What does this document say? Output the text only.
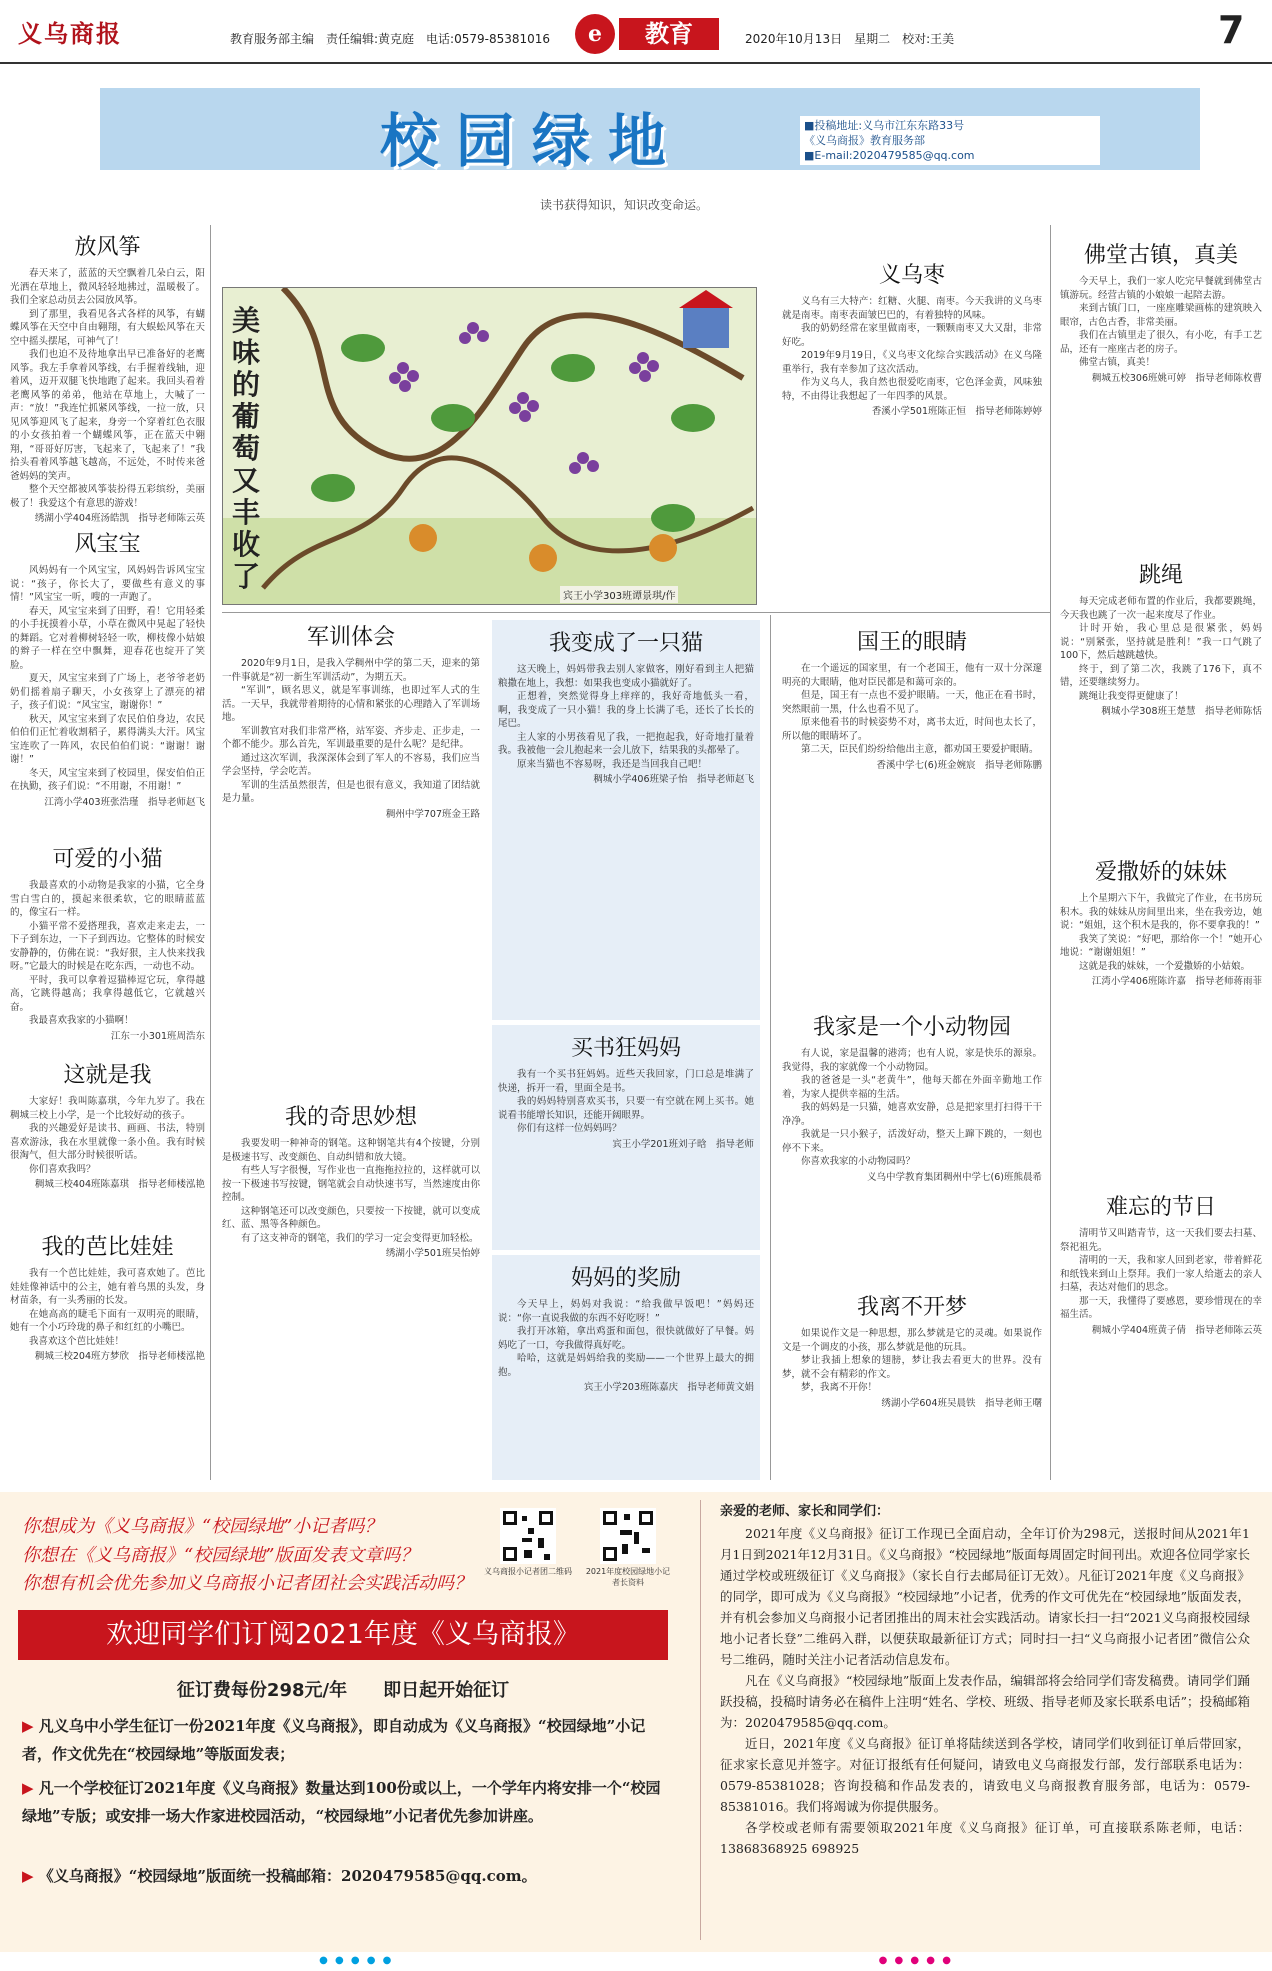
义乌商报	教育服务部主编　责任编辑:黄克庭　电话:0579-85381016	e	教育	2020年10月13日　星期二　校对:王美	7
校园绿地	■投稿地址:义乌市江东东路33号
《义乌商报》教育服务部
■E-mail:2020479585@qq.com
读书获得知识，知识改变命运。
美味的葡萄又丰收了
宾王小学303班谭景琪/作
放风筝

春天来了，蓝蓝的天空飘着几朵白云，阳光洒在草地上，微风轻轻地拂过，温暖极了。我们全家总动员去公园放风筝。

到了那里，我看见各式各样的风筝，有蝴蝶风筝在天空中自由翱翔，有大蜈蚣风筝在天空中摇头摆尾，可神气了！

我们也迫不及待地拿出早已准备好的老鹰风筝。我左手拿着风筝线，右手握着线轴，迎着风，迈开双腿飞快地跑了起来。我回头看着老鹰风筝的弟弟，他站在草地上，大喊了一声：“放！”我连忙抓紧风筝线，一拉一放，只见风筝迎风飞了起来，身旁一个穿着红色衣服的小女孩拍着一个蝴蝶风筝，正在蓝天中翱翔，“哥哥好厉害，飞起来了，飞起来了！”我拾头看着风筝越飞越高，不远处，不时传来爸爸妈妈的笑声。

整个天空都被风筝装扮得五彩缤纷，美丽极了！我爱这个有意思的游戏！

绣湖小学404班汤皓凯　指导老师陈云英
风宝宝

风妈妈有一个风宝宝，风妈妈告诉风宝宝说：“孩子，你长大了，要做些有意义的事情！”风宝宝一听，嗖的一声跑了。

春天，风宝宝来到了田野，看！它用轻柔的小手抚摸着小草，小草在微风中晃起了轻快的舞蹈。它对着柳树轻轻一吹，柳枝像小姑娘的辫子一样在空中飘舞，迎春花也绽开了笑脸。

夏天，风宝宝来到了广场上，老爷爷老奶奶们摇着扇子聊天，小女孩穿上了漂亮的裙子，孩子们说：“风宝宝，谢谢你！”

秋天，风宝宝来到了农民伯伯身边，农民伯伯们正忙着收割稻子，累得满头大汗。风宝宝连吹了一阵风，农民伯伯们说：“谢谢！谢谢！”

冬天，风宝宝来到了校园里，保安伯伯正在执勤，孩子们说：“不用谢，不用谢！”

江湾小学403班张浩瑾　指导老师赵飞
可爱的小猫

我最喜欢的小动物是我家的小猫，它全身雪白雪白的，摸起来很柔软，它的眼睛蓝蓝的，像宝石一样。

小猫平常不爱搭理我，喜欢走来走去，一下子到东边，一下子到西边。它整体的时候安安静静的，仿佛在说：“我好狠，主人快来找我呀。”它最大的时候是在吃东西，一动也不动。

平时，我可以拿着逗猫棒逗它玩，拿得越高，它跳得越高；我拿得越低它，它就越兴奋。

我最喜欢我家的小猫啊！

江东一小301班周浩东
这就是我

大家好！我叫陈嘉琪，今年九岁了。我在稠城三校上小学，是一个比较好动的孩子。

我的兴趣爱好是读书、画画、书法，特别喜欢游泳，我在水里就像一条小鱼。我有时候很淘气，但大部分时候很听话。

你们喜欢我吗？

稠城三校404班陈嘉琪　指导老师楼泓艳
我的芭比娃娃

我有一个芭比娃娃，我可喜欢她了。芭比娃娃像神话中的公主，她有着乌黑的头发，身材苗条，有一头秀丽的长发。

在她高高的睫毛下面有一双明亮的眼睛，她有一个小巧玲珑的鼻子和红红的小嘴巴。

我喜欢这个芭比娃娃！

稠城三校204班方梦欣　指导老师楼泓艳
军训体会

2020年9月1日，是我入学稠州中学的第二天，迎来的第一件事就是“初一新生军训活动”，为期五天。

“军训”，顾名思义，就是军事训练，也即过军人式的生活。一天早，我就带着期待的心情和紧张的心理踏入了军训场地。

军训教官对我们非常严格，站军姿、齐步走、正步走，一个都不能少。那么首先，军训最重要的是什么呢？是纪律。

通过这次军训，我深深体会到了军人的不容易，我们应当学会坚持，学会吃苦。

军训的生活虽然很苦，但是也很有意义，我知道了团结就是力量。

稠州中学707班金王路
我的奇思妙想

我要发明一种神奇的钢笔。这种钢笔共有4个按键，分别是极速书写、改变颜色、自动纠错和放大镜。

有些人写字很慢，写作业也一直拖拖拉拉的，这样就可以按一下极速书写按键，钢笔就会自动快速书写，当然速度由你控制。

这种钢笔还可以改变颜色，只要按一下按键，就可以变成红、蓝、黑等各种颜色。

有了这支神奇的钢笔，我们的学习一定会变得更加轻松。

绣湖小学501班吴怡婷
我变成了一只猫

这天晚上，妈妈带我去别人家做客，刚好看到主人把猫粮撒在地上，我想：如果我也变成小猫就好了。

正想着，突然觉得身上痒痒的，我好奇地低头一看，啊，我变成了一只小猫！我的身上长满了毛，还长了长长的尾巴。

主人家的小男孩看见了我，一把抱起我，好奇地打量着我。我被他一会儿抱起来一会儿放下，结果我的头都晕了。

原来当猫也不容易呀，我还是当回我自己吧！

稠城小学406班梁子怡　指导老师赵飞
买书狂妈妈

我有一个买书狂妈妈。近些天我回家，门口总是堆满了快递，拆开一看，里面全是书。

我的妈妈特别喜欢买书，只要一有空就在网上买书。她说看书能增长知识，还能开阔眼界。

你们有这样一位妈妈吗？

宾王小学201班刘子晗　指导老师
妈妈的奖励

今天早上，妈妈对我说：“给我做早饭吧！”妈妈还说：“你一直说我做的东西不好吃呀！”

我打开冰箱，拿出鸡蛋和面包，很快就做好了早餐。妈妈吃了一口，夸我做得真好吃。

哈哈，这就是妈妈给我的奖励——一个世界上最大的拥抱。

宾王小学203班陈嘉庆　指导老师黄文娟
义乌枣

义乌有三大特产：红糖、火腿、南枣。今天我讲的义乌枣就是南枣。南枣表面皱巴巴的，有着独特的风味。

我的奶奶经常在家里做南枣，一颗颗南枣又大又甜，非常好吃。

2019年9月19日，《义乌枣文化综合实践活动》在义乌隆重举行，我有幸参加了这次活动。

作为义乌人，我自然也很爱吃南枣，它色泽金黄，风味独特，不由得让我想起了一年四季的风景。

香溪小学501班陈正恒　指导老师陈婷婷
国王的眼睛

在一个遥远的国家里，有一个老国王，他有一双十分深邃明亮的大眼睛，他对臣民都是和蔼可亲的。

但是，国王有一点也不爱护眼睛。一天，他正在看书时，突然眼前一黑，什么也看不见了。

原来他看书的时候姿势不对，离书太近，时间也太长了，所以他的眼睛坏了。

第二天，臣民们纷纷给他出主意，都劝国王要爱护眼睛。

香溪中学七(6)班金婉宸　指导老师陈鹏
我家是一个小动物园

有人说，家是温馨的港湾；也有人说，家是快乐的源泉。我觉得，我的家就像一个小动物园。

我的爸爸是一头“老黄牛”，他每天都在外面辛勤地工作着，为家人提供幸福的生活。

我的妈妈是一只猫，她喜欢安静，总是把家里打扫得干干净净。

我就是一只小猴子，活泼好动，整天上蹿下跳的，一刻也停不下来。

你喜欢我家的小动物园吗？

义乌中学教育集团稠州中学七(6)班熊晨希
我离不开梦

如果说作文是一种思想，那么梦就是它的灵魂。如果说作文是一个调皮的小孩，那么梦就是他的玩具。

梦让我插上想象的翅膀，梦让我去看更大的世界。没有梦，就不会有精彩的作文。

梦，我离不开你！

绣湖小学604班吴晨铁　指导老师王曙
佛堂古镇，真美

今天早上，我们一家人吃完早餐就到佛堂古镇游玩。经营古镇的小娘娘一起陪去游。

来到古镇门口，一座座雕梁画栋的建筑映入眼帘，古色古香，非常美丽。

我们在古镇里走了很久，有小吃，有手工艺品，还有一座座古老的房子。

佛堂古镇，真美！

稠城五校306班姚可婷　指导老师陈枚曹
跳绳

每天完成老师布置的作业后，我都要跳绳，今天我也跳了一次一起来度尽了作业。

计时开始，我心里总是很紧张，妈妈说：“别紧张，坚持就是胜利！”我一口气跳了100下，然后越跳越快。

终于，到了第二次，我跳了176下，真不错，还要继续努力。

跳绳让我变得更健康了！

稠城小学308班王楚慧　指导老师陈恬
爱撒娇的妹妹

上个星期六下午，我做完了作业，在书房玩积木。我的妹妹从房间里出来，坐在我旁边，她说：“姐姐，这个积木是我的，你不要拿我的！”

我笑了笑说：“好吧，那给你一个！”她开心地说：“谢谢姐姐！”

这就是我的妹妹，一个爱撒娇的小姑娘。

江湾小学406班陈许嘉　指导老师蒋雨菲
难忘的节日

清明节又叫踏青节，这一天我们要去扫墓、祭祀祖先。

清明的一天，我和家人回到老家，带着鲜花和纸钱来到山上祭拜。我们一家人给逝去的亲人扫墓，表达对他们的思念。

那一天，我懂得了要感恩，要珍惜现在的幸福生活。

稠城小学404班黄子倩　指导老师陈云英
你想成为《义乌商报》“校园绿地”小记者吗？
你想在《义乌商报》“校园绿地”版面发表文章吗？
你想有机会优先参加义乌商报小记者团社会实践活动吗？
义乌商报小记者团二维码	2021年度校园绿地小记者长资料
欢迎同学们订阅2021年度《义乌商报》
征订费每份298元/年　　即日起开始征订
▶ 凡义乌中小学生征订一份2021年度《义乌商报》，即自动成为《义乌商报》“校园绿地”小记者，作文优先在“校园绿地”等版面发表；
▶ 凡一个学校征订2021年度《义乌商报》数量达到100份或以上，一个学年内将安排一个“校园绿地”专版；或安排一场大作家进校园活动，“校园绿地”小记者优先参加讲座。
▶ 《义乌商报》“校园绿地”版面统一投稿邮箱：2020479585@qq.com。
亲爱的老师、家长和同学们：

2021年度《义乌商报》征订工作现已全面启动，全年订价为298元，送报时间从2021年1月1日到2021年12月31日。《义乌商报》“校园绿地”版面每周固定时间刊出。欢迎各位同学家长通过学校或班级征订《义乌商报》（家长自行去邮局征订无效）。凡征订2021年度《义乌商报》的同学，即可成为《义乌商报》“校园绿地”小记者，优秀的作文可优先在“校园绿地”版面发表，并有机会参加义乌商报小记者团推出的周末社会实践活动。请家长扫一扫“2021义乌商报校园绿地小记者长登”二维码入群，以便获取最新征订方式；同时扫一扫“义乌商报小记者团”微信公众号二维码，随时关注小记者活动信息发布。

凡在《义乌商报》“校园绿地”版面上发表作品，编辑部将会给同学们寄发稿费。请同学们踊跃投稿，投稿时请务必在稿件上注明“姓名、学校、班级、指导老师及家长联系电话”；投稿邮箱为：2020479585@qq.com。

近日，2021年度《义乌商报》征订单将陆续送到各学校，请同学们收到征订单后带回家，征求家长意见并签字。对征订报纸有任何疑问，请致电义乌商报发行部，发行部联系电话为：0579-85381028；咨询投稿和作品发表的，请致电义乌商报教育服务部，电话为：0579-85381016。我们将竭诚为你提供服务。

各学校或老师有需要领取2021年度《义乌商报》征订单，可直接联系陈老师，电话：13868368925 698925

● ● ● ● ●	● ● ● ● ●
